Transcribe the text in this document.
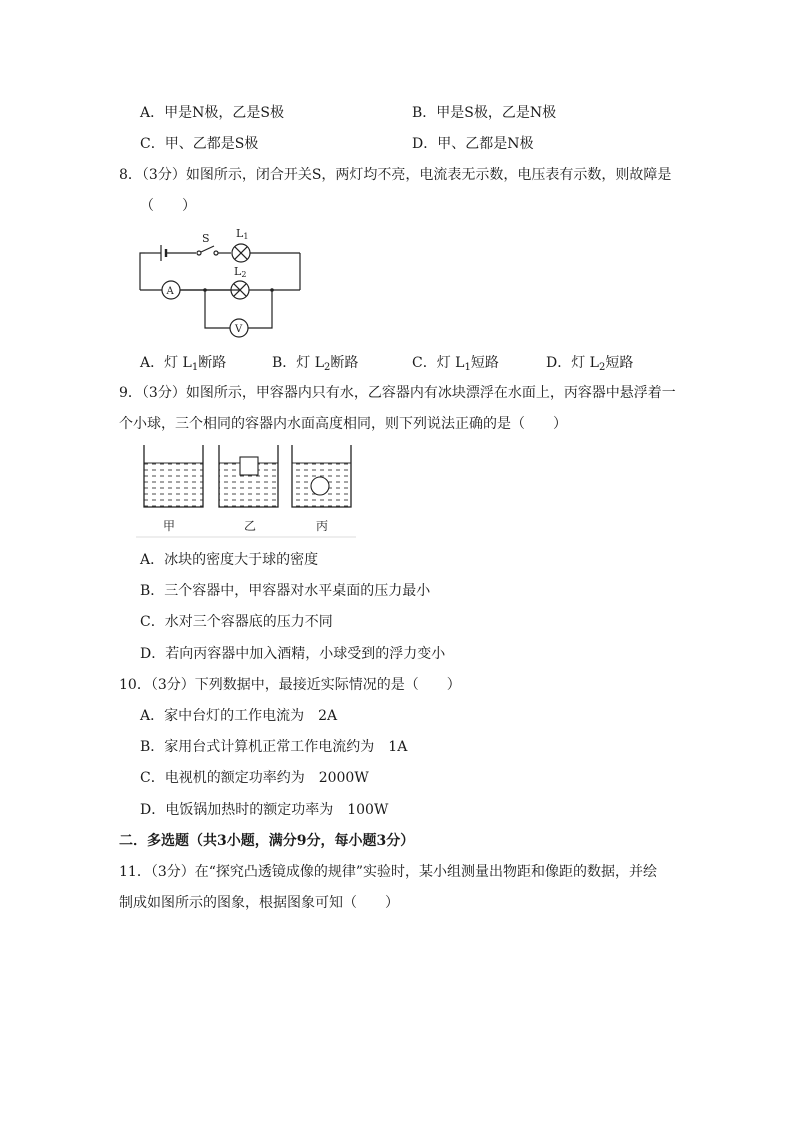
A．甲是N极，乙是S极	B．甲是S极，乙是N极
C．甲、乙都是S极	D．甲、乙都是N极
8．（3分）如图所示，闭合开关S，两灯均不亮，电流表无示数，电压表有示数，则故障是
（　　）
S L1
L2
A
V
A．灯 $L_1$断路	B．灯 $L_2$断路	C．灯 $L_1$短路	D．灯 $L_2$短路
9．（3分）如图所示，甲容器内只有水，乙容器内有冰块漂浮在水面上，丙容器中悬浮着一
个小球，三个相同的容器内水面高度相同，则下列说法正确的是（　　）
甲	乙	丙
A．冰块的密度大于球的密度
B．三个容器中，甲容器对水平桌面的压力最小
C．水对三个容器底的压力不同
D．若向丙容器中加入酒精，小球受到的浮力变小
10．（3分）下列数据中，最接近实际情况的是（　　）
A．家中台灯的工作电流为　2A
B．家用台式计算机正常工作电流约为　1A
C．电视机的额定功率约为　2000W
D．电饭锅加热时的额定功率为　100W
二．多选题（共3小题，满分9分，每小题3分）
11．（3分）在“探究凸透镜成像的规律”实验时，某小组测量出物距和像距的数据，并绘
制成如图所示的图象，根据图象可知（　　）
